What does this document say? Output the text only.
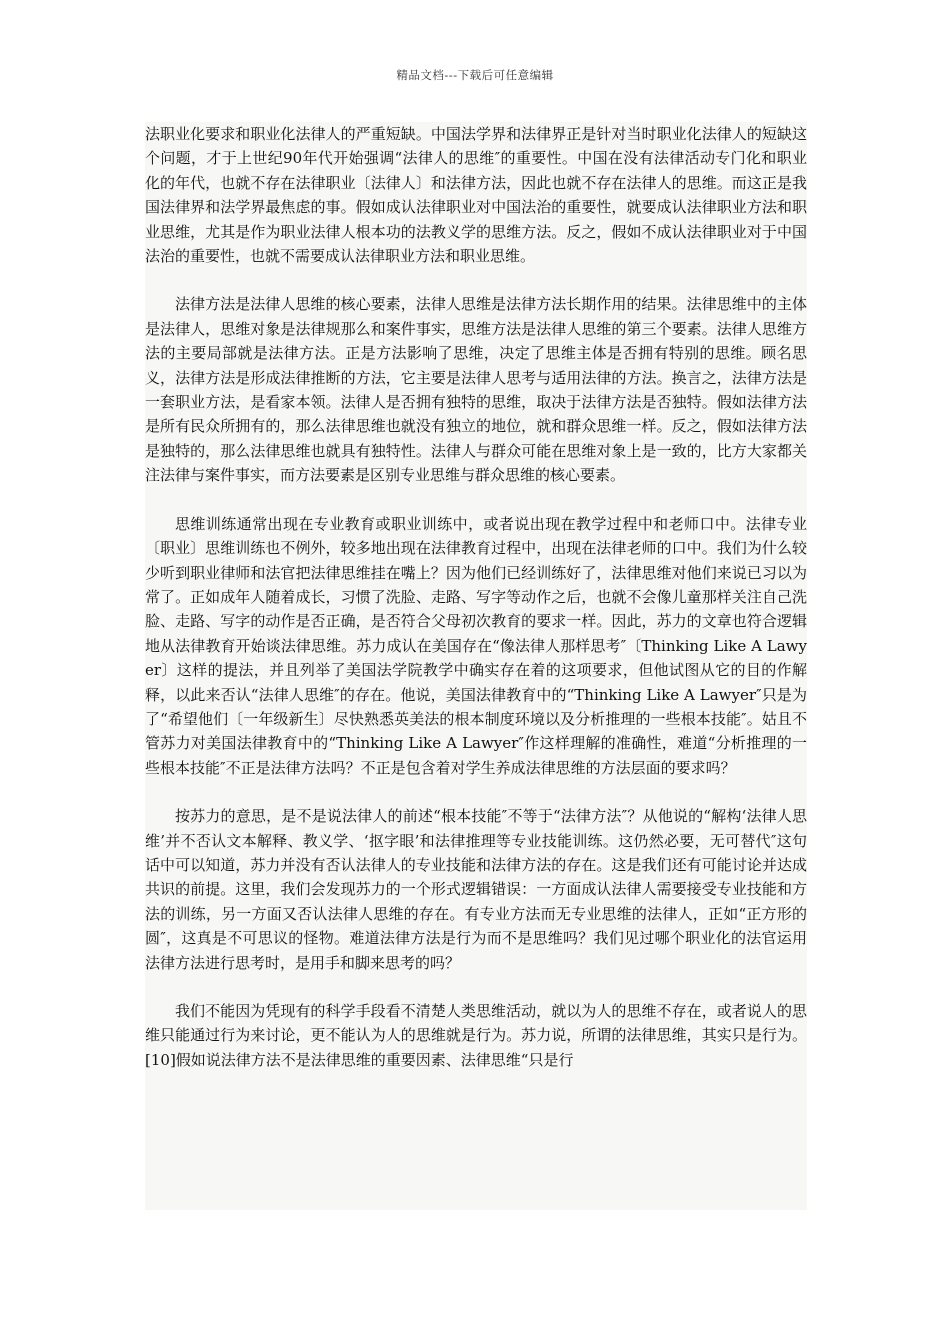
精品文档---下载后可任意编辑

法职业化要求和职业化法律人的严重短缺。中国法学界和法律界正是针对当时职业化法律人的短缺这个问题，才于上世纪90年代开始强调“法律人的思维″的重要性。中国在没有法律活动专门化和职业化的年代，也就不存在法律职业〔法律人〕和法律方法，因此也就不存在法律人的思维。而这正是我国法律界和法学界最焦虑的事。假如成认法律职业对中国法治的重要性，就要成认法律职业方法和职业思维，尤其是作为职业法律人根本功的法教义学的思维方法。反之，假如不成认法律职业对于中国法治的重要性，也就不需要成认法律职业方法和职业思维。

法律方法是法律人思维的核心要素，法律人思维是法律方法长期作用的结果。法律思维中的主体是法律人，思维对象是法律规那么和案件事实，思维方法是法律人思维的第三个要素。法律人思维方法的主要局部就是法律方法。正是方法影响了思维，决定了思维主体是否拥有特别的思维。顾名思义，法律方法是形成法律推断的方法，它主要是法律人思考与适用法律的方法。换言之，法律方法是一套职业方法，是看家本领。法律人是否拥有独特的思维，取决于法律方法是否独特。假如法律方法是所有民众所拥有的，那么法律思维也就没有独立的地位，就和群众思维一样。反之，假如法律方法是独特的，那么法律思维也就具有独特性。法律人与群众可能在思维对象上是一致的，比方大家都关注法律与案件事实，而方法要素是区别专业思维与群众思维的核心要素。

思维训练通常出现在专业教育或职业训练中，或者说出现在教学过程中和老师口中。法律专业〔职业〕思维训练也不例外，较多地出现在法律教育过程中，出现在法律老师的口中。我们为什么较少听到职业律师和法官把法律思维挂在嘴上？因为他们已经训练好了，法律思维对他们来说已习以为常了。正如成年人随着成长，习惯了洗脸、走路、写字等动作之后，也就不会像儿童那样关注自己洗脸、走路、写字的动作是否正确，是否符合父母初次教育的要求一样。因此，苏力的文章也符合逻辑地从法律教育开始谈法律思维。苏力成认在美国存在“像法律人那样思考″〔Thinking Like A Lawyer〕这样的提法，并且列举了美国法学院教学中确实存在着的这项要求，但他试图从它的目的作解释，以此来否认“法律人思维″的存在。他说，美国法律教育中的“Thinking Like A Lawyer″只是为了“希望他们〔一年级新生〕尽快熟悉英美法的根本制度环境以及分析推理的一些根本技能″。姑且不管苏力对美国法律教育中的“Thinking Like A Lawyer″作这样理解的准确性，难道“分析推理的一些根本技能″不正是法律方法吗？不正是包含着对学生养成法律思维的方法层面的要求吗？

按苏力的意思，是不是说法律人的前述“根本技能″不等于“法律方法″？从他说的“解构‘法律人思维’并不否认文本解释、教义学、‘抠字眼’和法律推理等专业技能训练。这仍然必要，无可替代″这句话中可以知道，苏力并没有否认法律人的专业技能和法律方法的存在。这是我们还有可能讨论并达成共识的前提。这里，我们会发现苏力的一个形式逻辑错误：一方面成认法律人需要接受专业技能和方法的训练，另一方面又否认法律人思维的存在。有专业方法而无专业思维的法律人，正如“正方形的圆″，这真是不可思议的怪物。难道法律方法是行为而不是思维吗？我们见过哪个职业化的法官运用法律方法进行思考时，是用手和脚来思考的吗？

我们不能因为凭现有的科学手段看不清楚人类思维活动，就以为人的思维不存在，或者说人的思维只能通过行为来讨论，更不能认为人的思维就是行为。苏力说，所谓的法律思维，其实只是行为。[10]假如说法律方法不是法律思维的重要因素、法律思维“只是行
